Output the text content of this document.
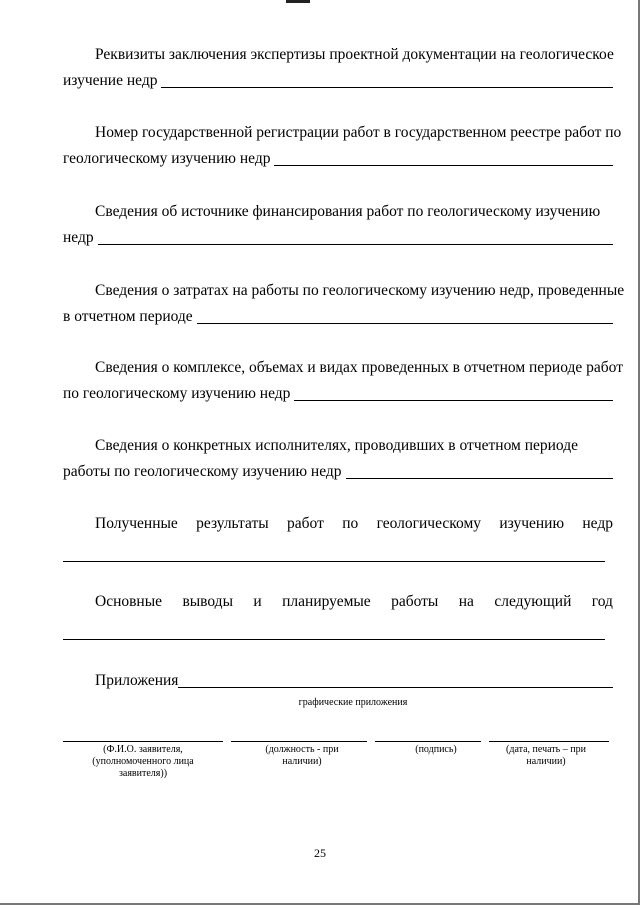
Реквизиты заключения экспертизы проектной документации на геологическое
изучение недр
Номер государственной регистрации работ в государственном реестре работ по
геологическому изучению недр
Сведения об источнике финансирования работ по геологическому изучению
недр
Сведения о затратах на работы по геологическому изучению недр, проведенные
в отчетном периоде
Сведения о комплексе, объемах и видах проведенных в отчетном периоде работ
по геологическому изучению недр
Сведения о конкретных исполнителях, проводивших в отчетном периоде
работы по геологическому изучению недр
Полученные результаты работ по геологическому изучению недр
Основные выводы и планируемые работы на следующий год
Приложения
графические приложения
(Ф.И.О. заявителя, (уполномоченного лица заявителя))
(должность - при наличии)
(подпись)	(дата, печать – при наличии)
25
